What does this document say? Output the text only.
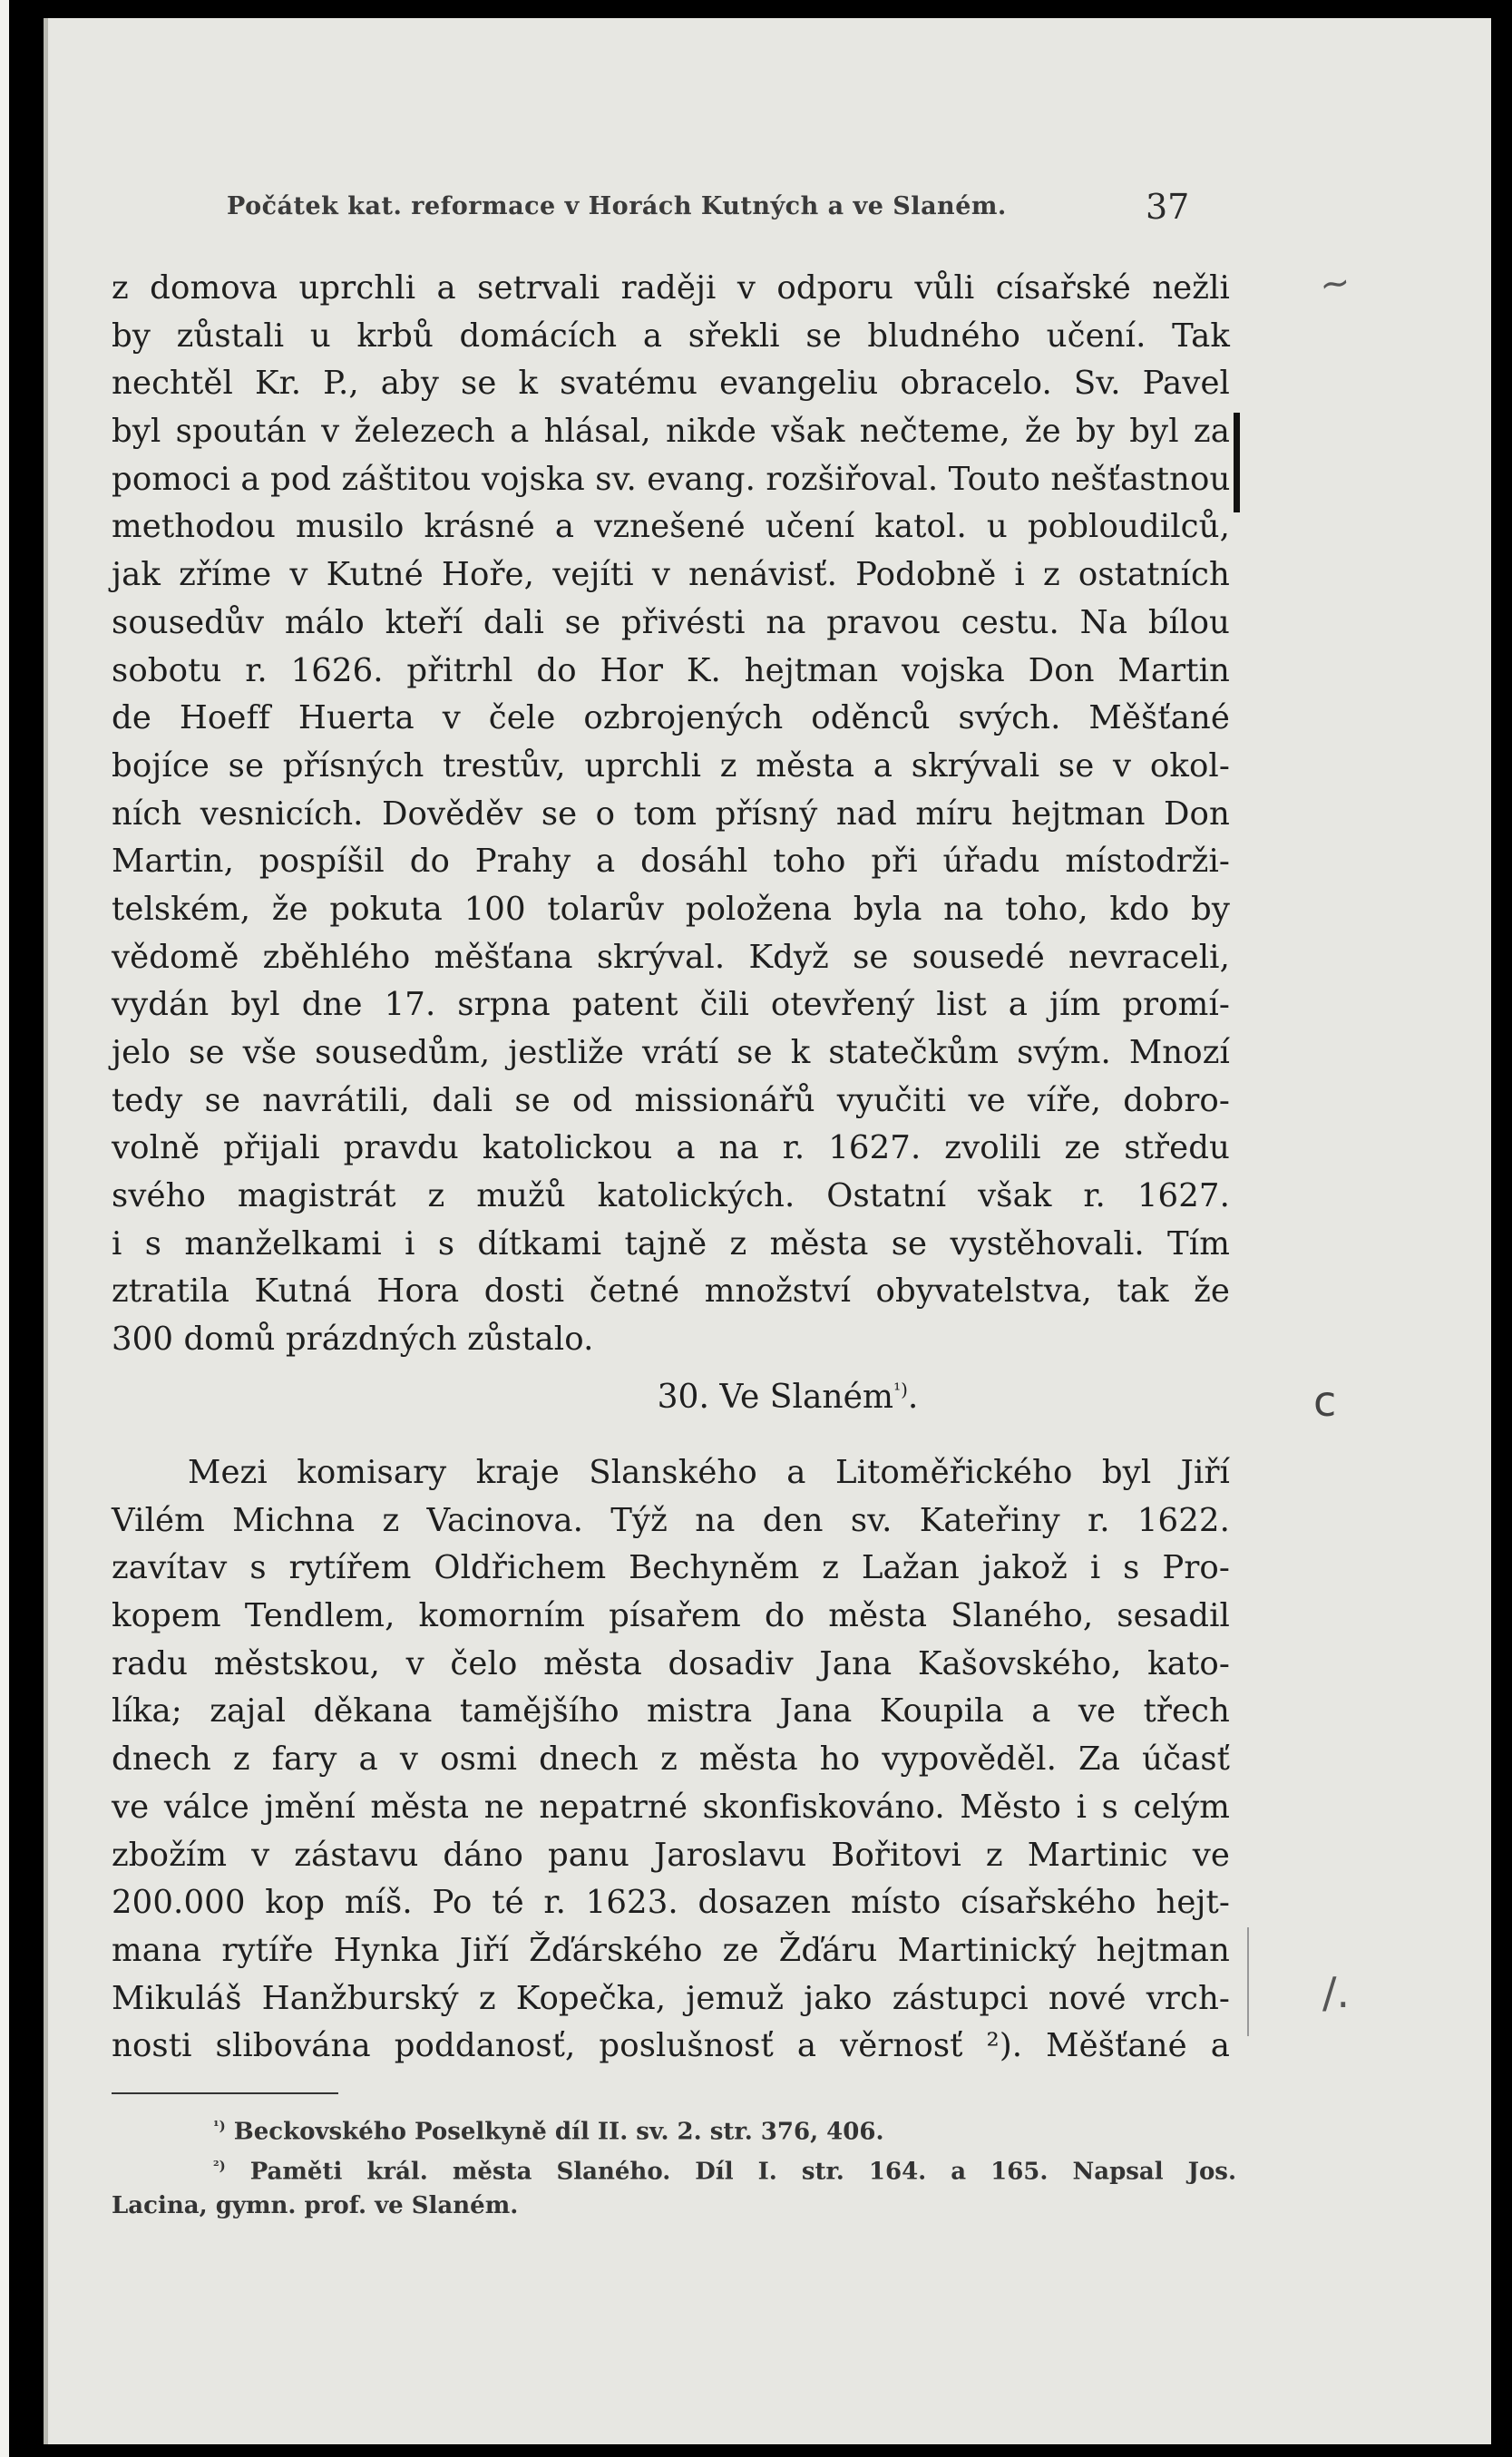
Počátek kat. reformace v Horách Kutných a ve Slaném.	37
z domova uprchli a setrvali raději v odporu vůli císařské nežli
by zůstali u krbů domácích a sřekli se bludného učení. Tak
nechtěl Kr. P., aby se k svatému evangeliu obracelo. Sv. Pavel
byl spoután v železech a hlásal, nikde však nečteme, že by byl za
pomoci a pod záštitou vojska sv. evang. rozšiřoval. Touto nešťastnou
methodou musilo krásné a vznešené učení katol. u pobloudilců,
jak zříme v Kutné Hoře, vejíti v nenávisť. Podobně i z ostatních
sousedův málo kteří dali se přivésti na pravou cestu. Na bílou
sobotu r. 1626. přitrhl do Hor K. hejtman vojska Don Martin
de Hoeff Huerta v čele ozbrojených oděnců svých. Měšťané
bojíce se přísných trestův, uprchli z města a skrývali se v okol-
ních vesnicích. Dověděv se o tom přísný nad míru hejtman Don
Martin, pospíšil do Prahy a dosáhl toho při úřadu místodrži-
telském, že pokuta 100 tolarův položena byla na toho, kdo by
vědomě zběhlého měšťana skrýval. Když se sousedé nevraceli,
vydán byl dne 17. srpna patent čili otevřený list a jím promí-
jelo se vše sousedům, jestliže vrátí se k statečkům svým. Mnozí
tedy se navrátili, dali se od missionářů vyučiti ve víře, dobro-
volně přijali pravdu katolickou a na r. 1627. zvolili ze středu
svého magistrát z mužů katolických. Ostatní však r. 1627.
i s manželkami i s dítkami tajně z města se vystěhovali. Tím
ztratila Kutná Hora dosti četné množství obyvatelstva, tak že
300 domů prázdných zůstalo.
30. Ve Slaném$^{^1)}$.
Mezi komisary kraje Slanského a Litoměřického byl Jiří
Vilém Michna z Vacinova. Týž na den sv. Kateřiny r. 1622.
zavítav s rytířem Oldřichem Bechyněm z Lažan jakož i s Pro-
kopem Tendlem, komorním písařem do města Slaného, sesadil
radu městskou, v čelo města dosadiv Jana Kašovského, kato-
líka; zajal děkana tamějšího mistra Jana Koupila a ve třech
dnech z fary a v osmi dnech z města ho vypověděl. Za účasť
ve válce jmění města ne nepatrné skonfiskováno. Město i s celým
zbožím v zástavu dáno panu Jaroslavu Bořitovi z Martinic ve
200.000 kop míš. Po té r. 1623. dosazen místo císařského hejt-
mana rytíře Hynka Jiří Žďárského ze Žďáru Martinický hejtman
Mikuláš Hanžburský z Kopečka, jemuž jako zástupci nové vrch-
nosti slibována poddanosť, poslušnosť a věrnosť ²). Měšťané a
$^{^1)}$ Beckovského Poselkyně díl II. sv. 2. str. 376, 406.
$^{^2)}$ Paměti král. města Slaného. Díl I. str. 164. a 165. Napsal Jos.
Lacina, gymn. prof. ve Slaném.
~
c
/.
